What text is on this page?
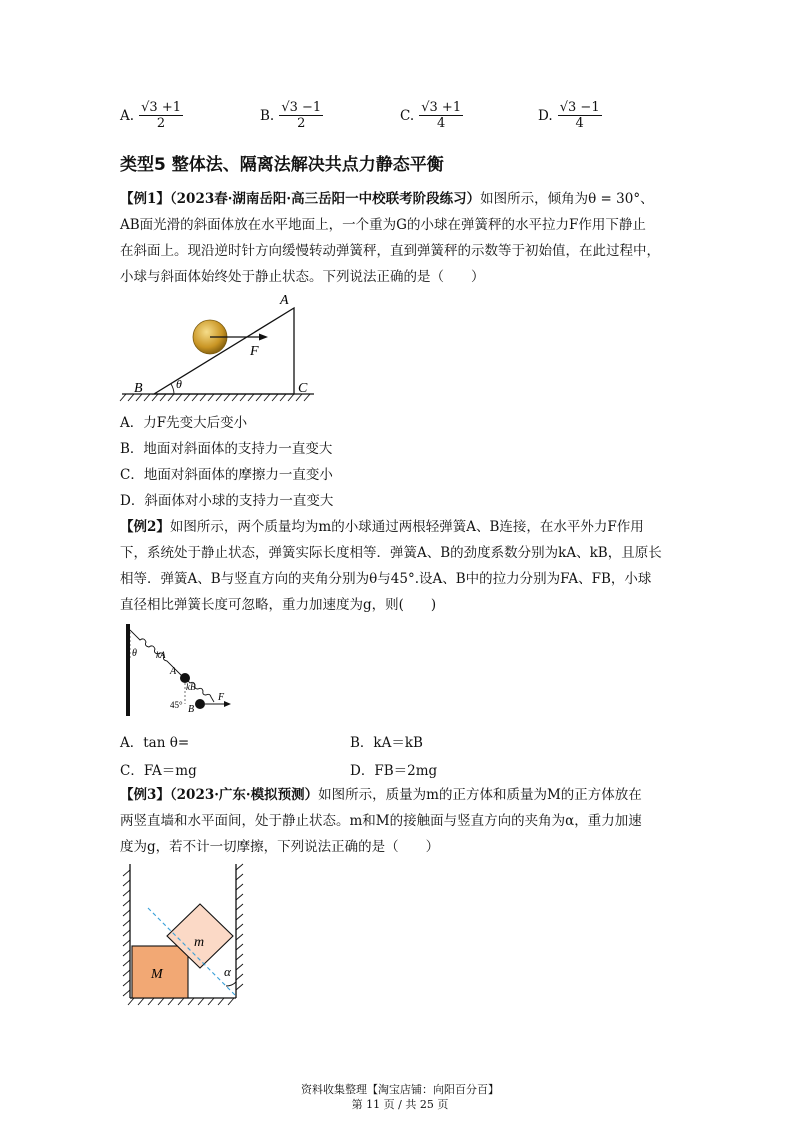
A. $\frac{√3 +1}{2}$	B. $\frac{√3 -1}{2}$	C. $\frac{√3 +1}{4}$	D. $\frac{√3 -1}{4}$
类型5 整体法、隔离法解决共点力静态平衡
【例1】（2023春·湖南岳阳·高三岳阳一中校联考阶段练习）如图所示，倾角为θ = 30°、
AB面光滑的斜面体放在水平地面上，一个重为G的小球在弹簧秤的水平拉力F作用下静止
在斜面上。现沿逆时针方向缓慢转动弹簧秤，直到弹簧秤的示数等于初始值，在此过程中，
小球与斜面体始终处于静止状态。下列说法正确的是（　　）
A
F
B	θ	C
A．力F先变大后变小
B．地面对斜面体的支持力一直变大
C．地面对斜面体的摩擦力一直变小
D．斜面体对小球的支持力一直变大
【例2】如图所示，两个质量均为m的小球通过两根轻弹簧A、B连接，在水平外力F作用
下，系统处于静止状态，弹簧实际长度相等．弹簧A、B的劲度系数分别为kA、kB，且原长
相等．弹簧A、B与竖直方向的夹角分别为θ与45°.设A、B中的拉力分别为FA、FB，小球
直径相比弹簧长度可忽略，重力加速度为g，则(　　)
θ kA
A
kB
B
45°
F
A．tan θ=	B．kA＝kB
C．FA＝mg	D．FB＝2mg
【例3】（2023·广东·模拟预测）如图所示，质量为m的正方体和质量为M的正方体放在
两竖直墙和水平面间，处于静止状态。m和M的接触面与竖直方向的夹角为α，重力加速
度为g，若不计一切摩擦，下列说法正确的是（　　）
m
M	α
资料收集整理【淘宝店铺：向阳百分百】
第 11 页 / 共 25 页
